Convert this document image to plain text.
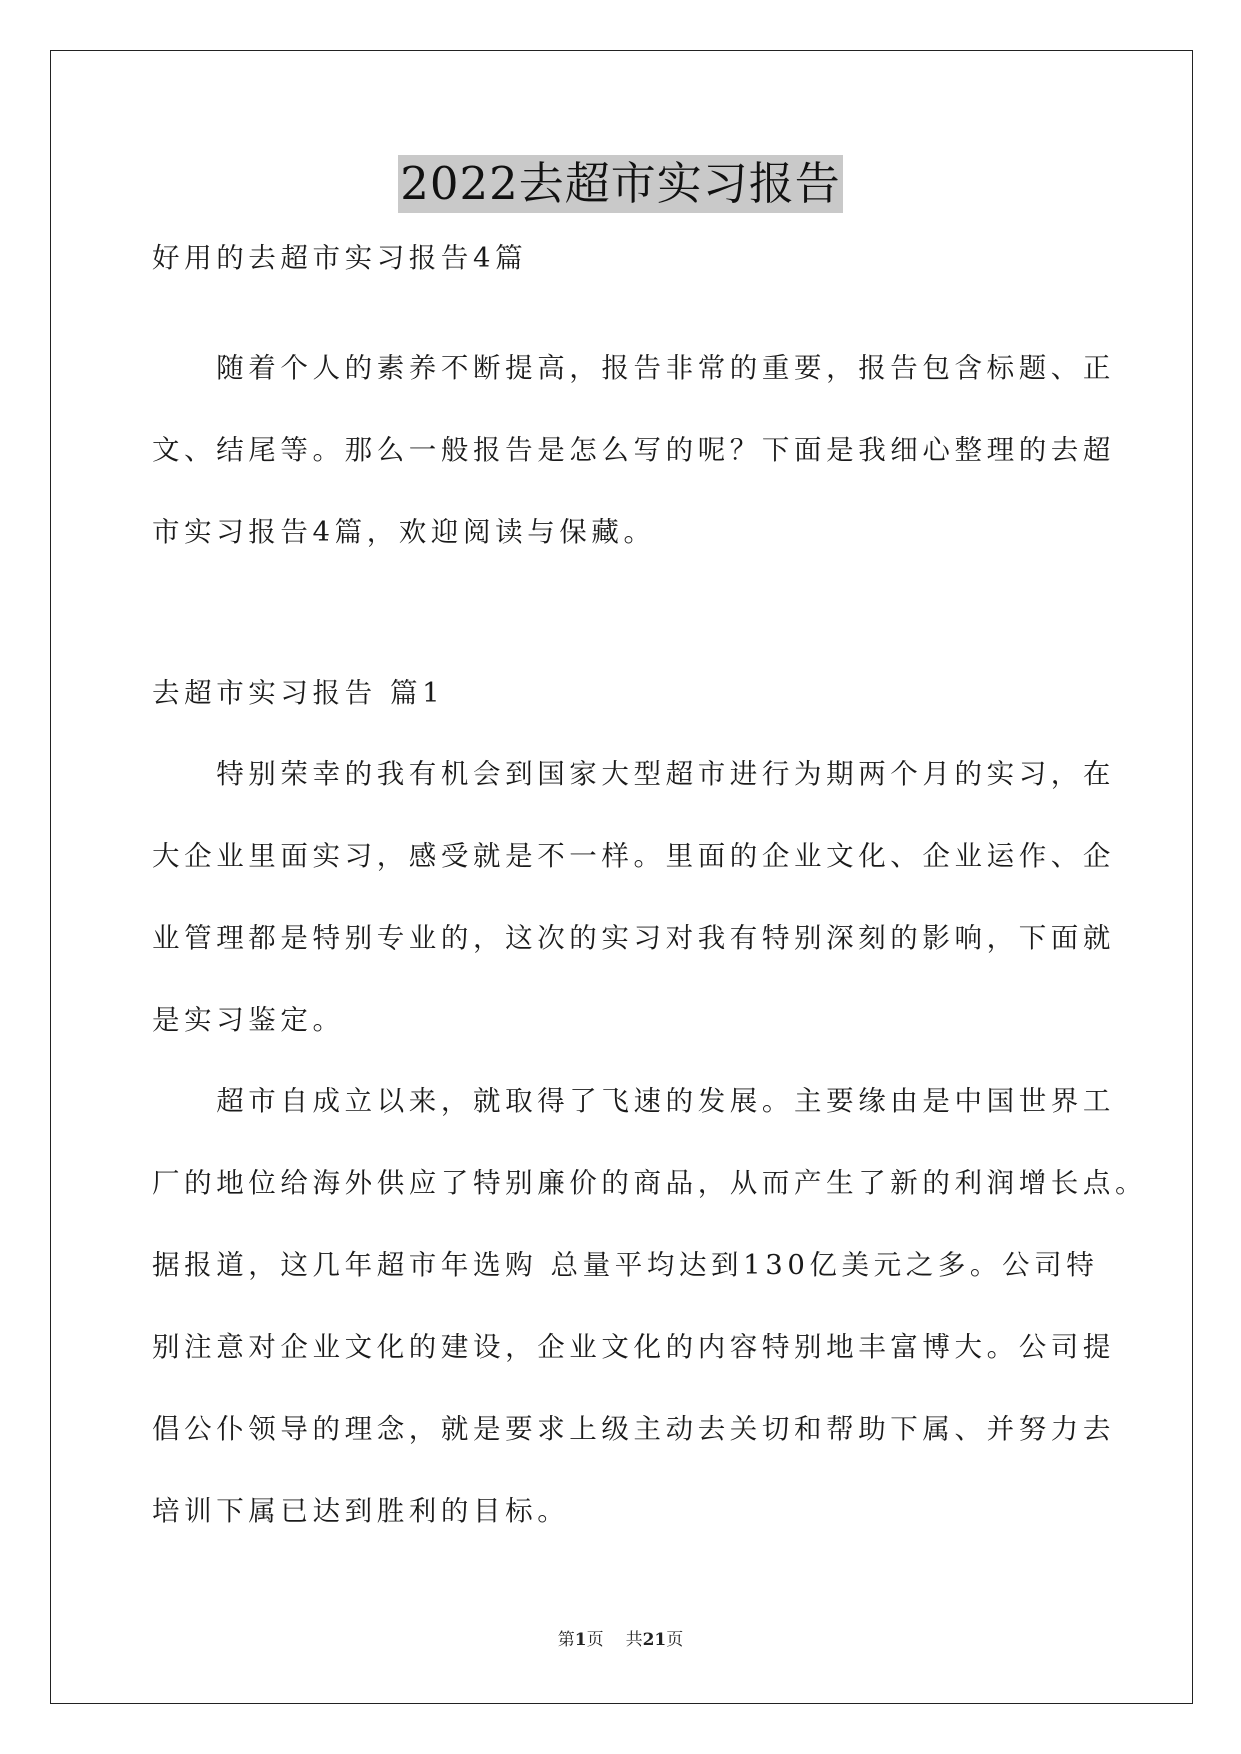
2022去超市实习报告
好用的去超市实习报告4篇
　　随着个人的素养不断提高，报告非常的重要，报告包含标题、正
文、结尾等。那么一般报告是怎么写的呢？下面是我细心整理的去超
市实习报告4篇，欢迎阅读与保藏。
去超市实习报告 篇1
　　特别荣幸的我有机会到国家大型超市进行为期两个月的实习，在
大企业里面实习，感受就是不一样。里面的企业文化、企业运作、企
业管理都是特别专业的，这次的实习对我有特别深刻的影响，下面就
是实习鉴定。
　　超市自成立以来，就取得了飞速的发展。主要缘由是中国世界工
厂的地位给海外供应了特别廉价的商品，从而产生了新的利润增长点。
据报道，这几年超市年选购 总量平均达到130亿美元之多。公司特
别注意对企业文化的建设，企业文化的内容特别地丰富博大。公司提
倡公仆领导的理念，就是要求上级主动去关切和帮助下属、并努力去
培训下属已达到胜利的目标。
第1页 共21页
